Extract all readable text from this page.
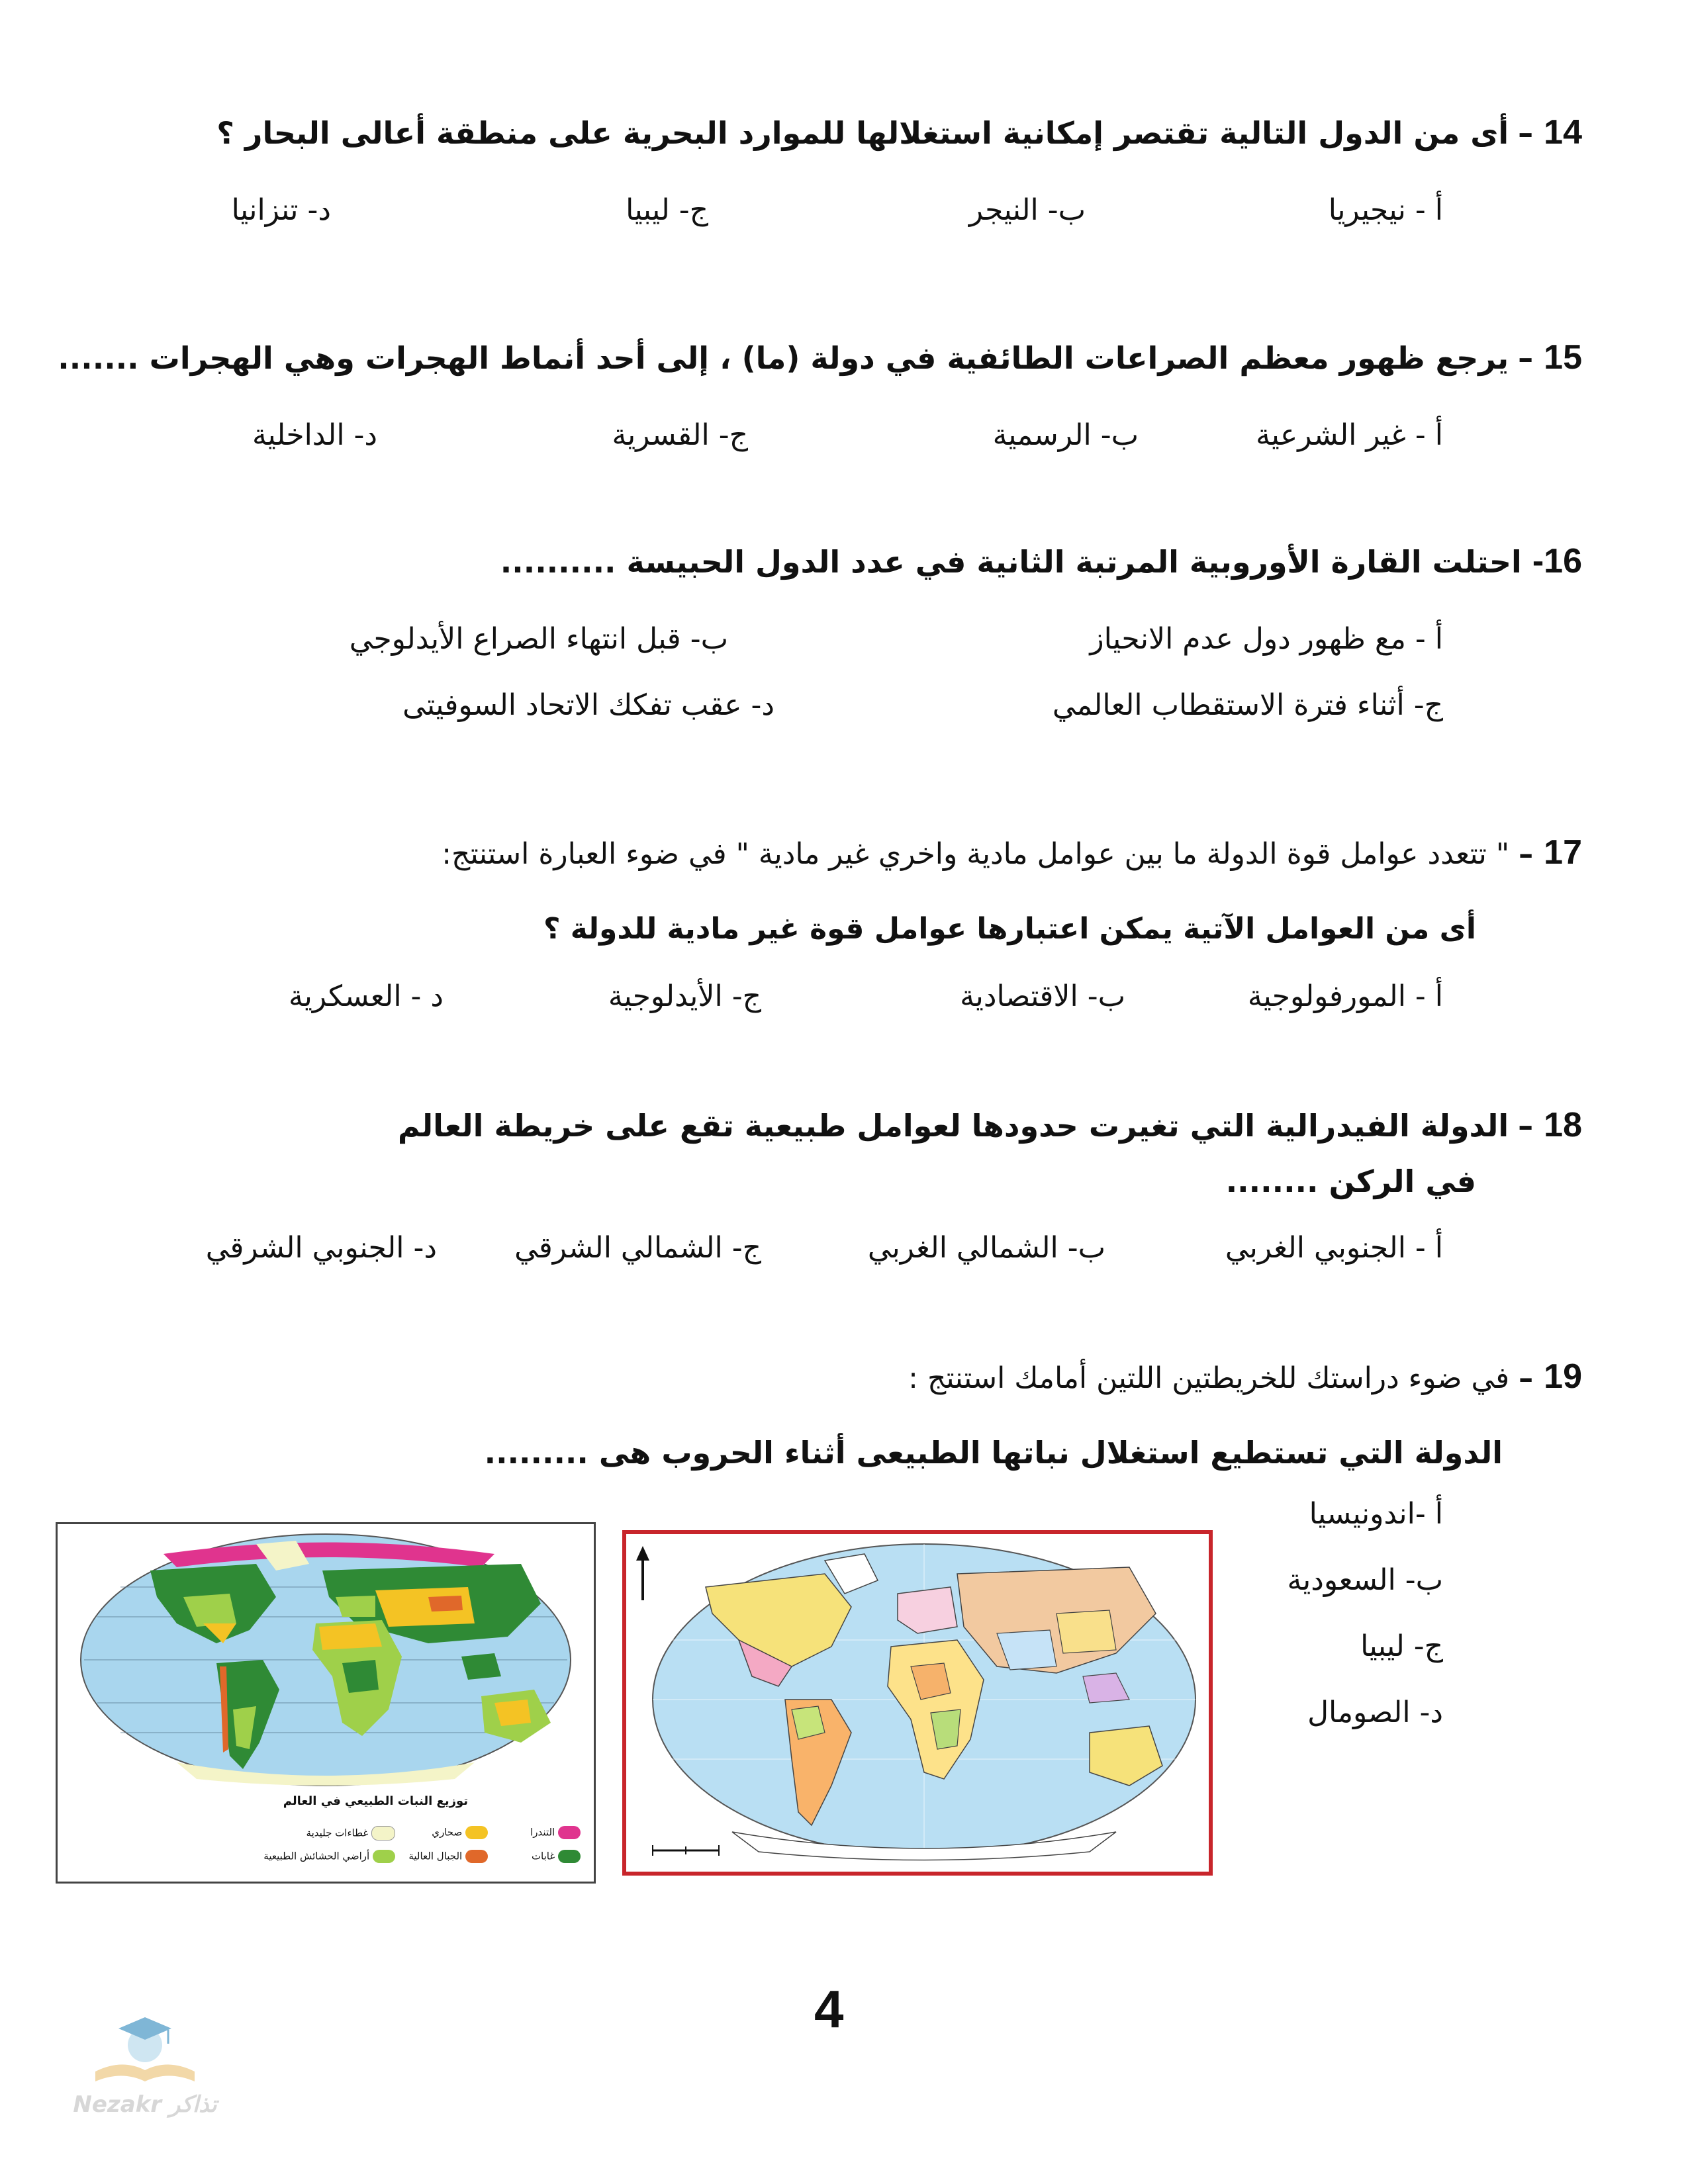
14–أى من الدول التالية تقتصر إمكانية استغلالها للموارد البحرية على منطقة أعالى البحار ؟
أ - نيجيريا
ب- النيجر
ج- ليبيا
د- تنزانيا
15–يرجع ظهور معظم الصراعات الطائفية في دولة (ما) ، إلى أحد أنماط الهجرات وهي الهجرات .......
أ - غير الشرعية
ب- الرسمية
ج- القسرية
د- الداخلية
16-احتلت القارة الأوروبية المرتبة الثانية في عدد الدول الحبيسة ..........
أ - مع ظهور دول عدم الانحياز
ب- قبل انتهاء الصراع الأيدلوجي
ج- أثناء فترة الاستقطاب العالمي
د- عقب تفكك الاتحاد السوفيتى
17–" تتعدد عوامل قوة الدولة ما بين عوامل مادية واخري غير مادية " في ضوء العبارة استنتج:
أى من العوامل الآتية يمكن اعتبارها عوامل قوة غير مادية للدولة ؟
أ - المورفولوجية
ب- الاقتصادية
ج- الأيدلوجية
د - العسكرية
18–الدولة الفيدرالية التي تغيرت حدودها لعوامل طبيعية تقع على خريطة العالم
في الركن ........
أ - الجنوبي الغربي
ب- الشمالي الغربي
ج- الشمالي الشرقي
د- الجنوبي الشرقي
19–في ضوء دراستك للخريطتين اللتين أمامك استنتج :
الدولة التي تستطيع استغلال نباتها الطبيعى أثناء الحروب هى .........
أ -اندونيسيا
ب- السعودية
ج- ليبيا
د- الصومال
توزيع النبات الطبيعي في العالم
التندرا
صحاري
غطاءات جليدية
غابات
الجبال العالية
أراضي الحشائش الطبيعية
4
Nezakr تذاكر
